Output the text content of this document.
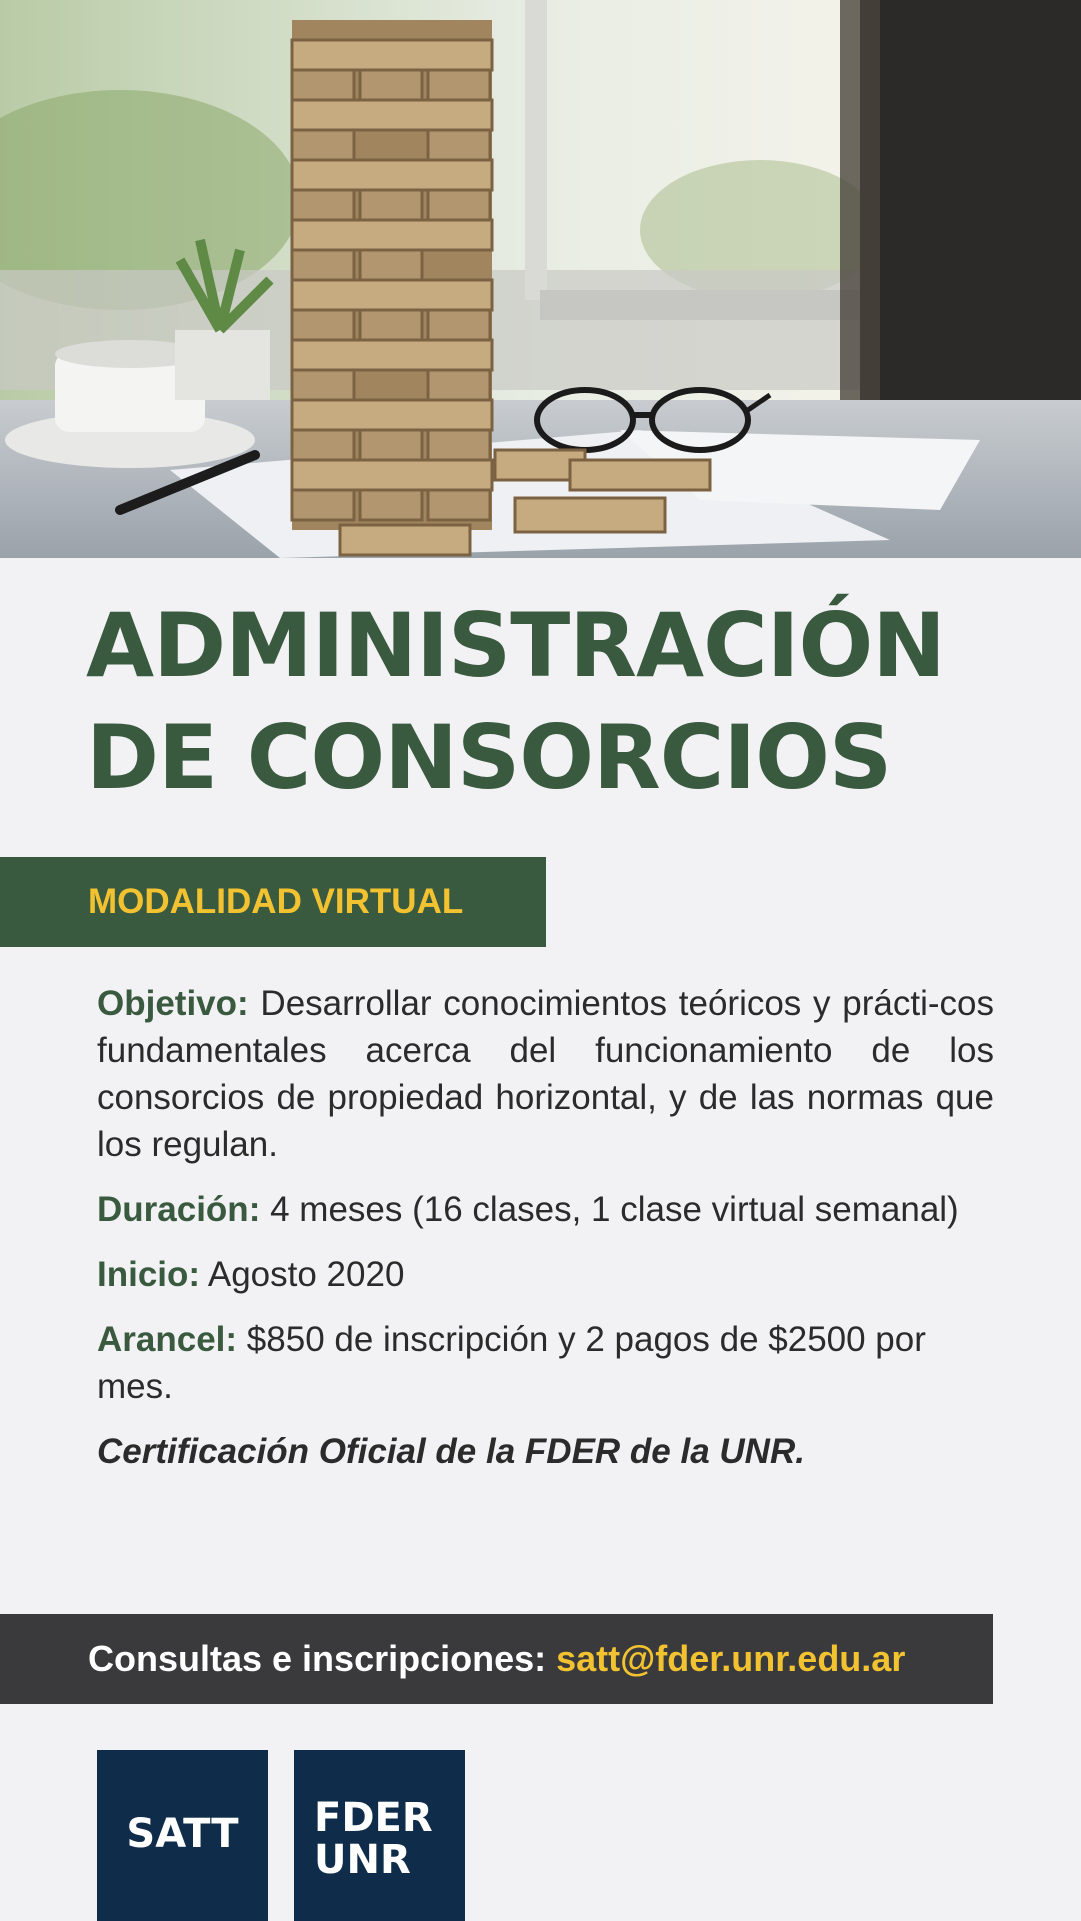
ADMINISTRACIÓN
DE CONSORCIOS
MODALIDAD VIRTUAL

Objetivo: Desarrollar conocimientos teóricos y prácti-cos fundamentales acerca del funcionamiento de los consorcios de propiedad horizontal, y de las normas que los regulan.

Duración: 4 meses (16 clases, 1 clase virtual semanal)

Inicio: Agosto 2020

Arancel: $850 de inscripción y 2 pagos de $2500 por mes.

Certificación Oficial de la FDER de la UNR.

Consultas e inscripciones: satt@fder.unr.edu.ar
SATT	FDER
UNR
